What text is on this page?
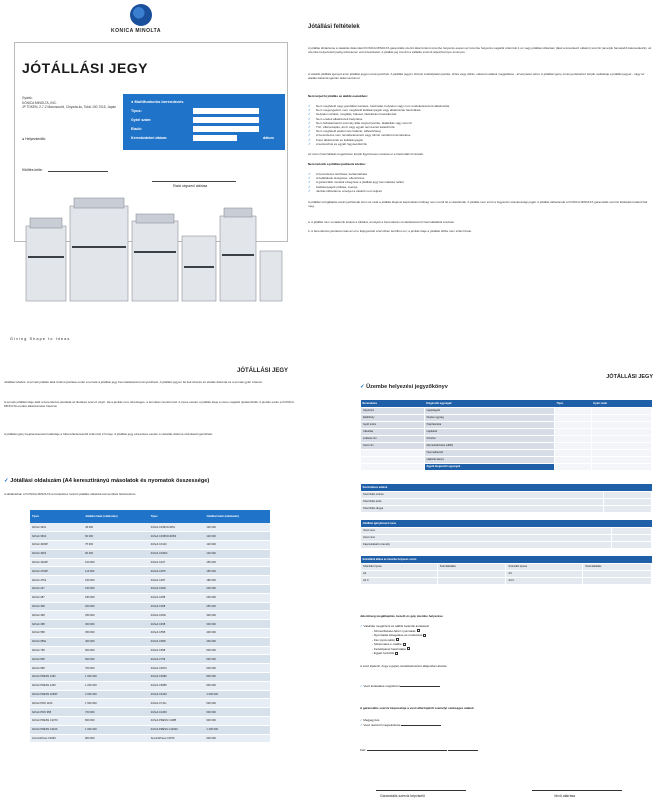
KONICA MINOLTA
JÓTÁLLÁSI JEGY
Gyártó:
KONICA MINOLTA, INC.
JP TOKEN, 2-7-2 Marunouchi, Chiyoda-ku, Tokió 100-7015, Japán
● Helyezkedők:
Kitöltés kelte:
● Multifunkciós berendezés
Típus:
Gyári szám:
Eladó:
Kereskedelmi dátum:	dátum
Eladó cégszerű aláírása
Giving Shape to Ideas
Jótállási feltételek
A jótállás időtartama a vásárlás dátumától KONICA MINOLTA garanciális szerint által történő üzembe helyezés esetén az üzembe helyezés napjától számított 1 év vagy jótállási időtartam (lásd a következő oldalon) szerinti (amelyik hamarabb bekövetkezik), az üzembe helyezéstől pedig előzetesen vett értesítéssel. A jótállás jog szerinti a vállalás szerinti teljesítményre érvényes.
A vásárló jótállási igényét azon jótállási jegyen érvényesítheti. A jótállási jegyen történő szabálytalan javítás, törlés vagy átírás, valamint adatok megjelölése - érvénytelen lehet. A jótállási igény érvényesítéséhez kérjük mellékelje a jótállási jegyet - vagy az eladás dátumát igazoló dokumentumot.
Nem terjed ki jótállás az alábbi esetekben:
✓ Nem megfelelő vagy gondatlan kezelés, használat, helytelen vagy nem rendeltetésszerű alkalmazás
✓ Nem megengedett, nem megfelelő kellékanyagok vagy alkatrészek használata
✓ Helytelen tárolás, rongálás, baleset, illetéktelen beavatkozás
✓ Nem eredeti alkatrészek beépítése
✓ Nem felhatalmazott személy által végzett javítás, átalakítás vagy szerviz
✓ Tűz, villámcsapás, árvíz vagy egyéb természeti katasztrófa
✓ Nem megfelelő elektromos hálózat, túlfeszültség
✓ A berendezés nem rendeltetésszerű vagy túlzott mértékű üzemeltetése
✓ Kopó alkatrészek és kellékanyagok
✓ A kartuschok és egyéb fogyóeszközök
Az üzem használatát megelőzően kérjük figyelmesen olvassa el a használati útmutatót.
Nem tartozik a jótállási javítások körébe:
✓ A berendezés tisztítása, karbantartása
✓ A beállítások elvégzése, ellenőrzése
✓ A garanciális munkák elvégzése a jótállási jegy bemutatása nélkül
✓ Kellékanyagok pótlása, cseréje
✓ Javítás időtartama, amelyet a vásárló nem teljesít
A jótállási szolgáltatás során javításnak azon és csak a jótállás idejével kapcsolatos költség nem merül fel a vásárlónak. A jótállás nem érinti a fogyasztó szavatossági jogait. A jótállás időtartamát a KONICA MINOLTA garanciális szerinti feltételek határozzák meg.
a. A jótállás nem vonatkozik azokra a hibákra, amelyek a berendezés rendeltetésszerű használatából erednek.
b. A berendezés javításra csak az erre feljogosított szervizben kerülhet sor; a javítás ideje a jótállási időbe nem számít bele.
JÓTÁLLÁSI JEGY
Jótállási lefedés: A termék jótállás alatt történő javítása során a termék a jótállási jegy bemutatásával érvényesíthető. A jótállási jegyen fel kell tüntetni az eladás dátumát és a termék gyári számát.
A termék jótállási ideje alatt a berendezés javítását az illetékes szerviz végzi. Ha a javítás nem lehetséges, a terméket cserélni kell. A csere esetén a jótállás ideje a csere napjától újrakezdődik. A javítás során a KONICA MINOLTA eredeti alkatrészeket használ.
A jótállási igény bejelentésének határideje a hiba felfedezésétől számított 2 hónap. A jótállási jegy elvesztése esetén a vásárlás dátuma számlával igazolható.
✓ Jótállási oldalszám (A4 keresztirányú másolatok és nyomatok összessége)
A táblázatban a KONICA MINOLTA termékekhez tartozó jótállási oldalszámok kerültek feltüntetésre.
Típus	Jótállási határ (oldalszám)	Típus	Jótállási határ (oldalszám)
bizhub 3301	45 000	bizhub C3351/C4051	120 000
bizhub 3602	60 000	bizhub C3350i/C4050i	120 000
bizhub 4000P	75 000	bizhub C3110	120 000
bizhub 4052	90 000	bizhub C3320i	120 000
bizhub 4402P	100 000	bizhub C227	150 000
bizhub 4700P	110 000	bizhub C257i	150 000
bizhub 4752	150 000	bizhub C287	180 000
bizhub 227	150 000	bizhub C300i	200 000
bizhub 287	180 000	bizhub C358	200 000
bizhub 308	200 000	bizhub C368	250 000
bizhub 368	250 000	bizhub C450i	300 000
bizhub 458	300 000	bizhub C458	300 000
bizhub 558	350 000	bizhub C558	400 000
bizhub 658e	400 000	bizhub C650i	400 000
bizhub 758	500 000	bizhub C658	500 000
bizhub 808	600 000	bizhub C759	500 000
bizhub 958	700 000	bizhub C3070	600 000
bizhub PRESS 1052	1 000 000	bizhub C3080	800 000
bizhub PRESS 1250	1 200 000	bizhub C6085	900 000
bizhub PRESS 2250P	2 000 000	bizhub C6100	1 000 000
bizhub PRO 1100	1 500 000	bizhub C71hc	600 000
bizhub PRO 958	700 000	bizhub C1060	600 000
bizhub PRESS C1070	800 000	bizhub PRESS C1085	900 000
bizhub PRESS C1100	1 000 000	bizhub PRESS C12000	1 200 000
AccurioPress C2060	800 000	AccurioPress C3070	900 000
JÓTÁLLÁSI JEGY
✓ Üzembe helyezési jegyzőkönyv
Berendezés	Kiegészítő egységek	Típus	Gyári szám
Gépszám	Lapadagoló		
Eladóhely	Duplex egység		
Gyári szám	Papírkazetta		
Vásárlás	Lapkiadó		
Lokáció cím	Finisher		
Vevő cím	Memóriabővítés (HDD)		
	Nyomatkezelő		
	Hálózati kártya		
	Egyéb kiegészítő egységek		
Szerződéses adatok	
Szerződés száma	
Szerződés kelte	
Szerződés tárgya	
Jótállást igénybevevő neve	
Vevő neve	
Vevő címe	
Kapcsolattartó személy	
Számlálók állása az üzembe helyezés során			
Számláló típusa	Számlálóállás	Számláló típusa	Számlálóállás
A4		A3	
A4 C		A3 C	
Jelentőség megállapítás, kezelő és gép üzembe helyezése
✓ Vásárlás megtörtént az alábbi funkciók leírásával:
- Színes/Fekete-fehér nyomtatás
- Nyomtatás kötegelése és rendezése
- Fax (opcionális)
- Szkennelés e-mailbe
- Kezelőpanel használata
- Egyéb funkciók
A vevő kijelenti, hogy a gépet rendeltetésszerű állapotban átvette.
✓ Vevő kioktatása megtörtént
A garanciális szerviz képviselője a vevő által kijelölt személyt szükséges adatok
✓ Megjegyzés
✓ Vevő részéről megtekintette
Kelt:
Garanciális szerviz képviselő	Vevő aláírása
